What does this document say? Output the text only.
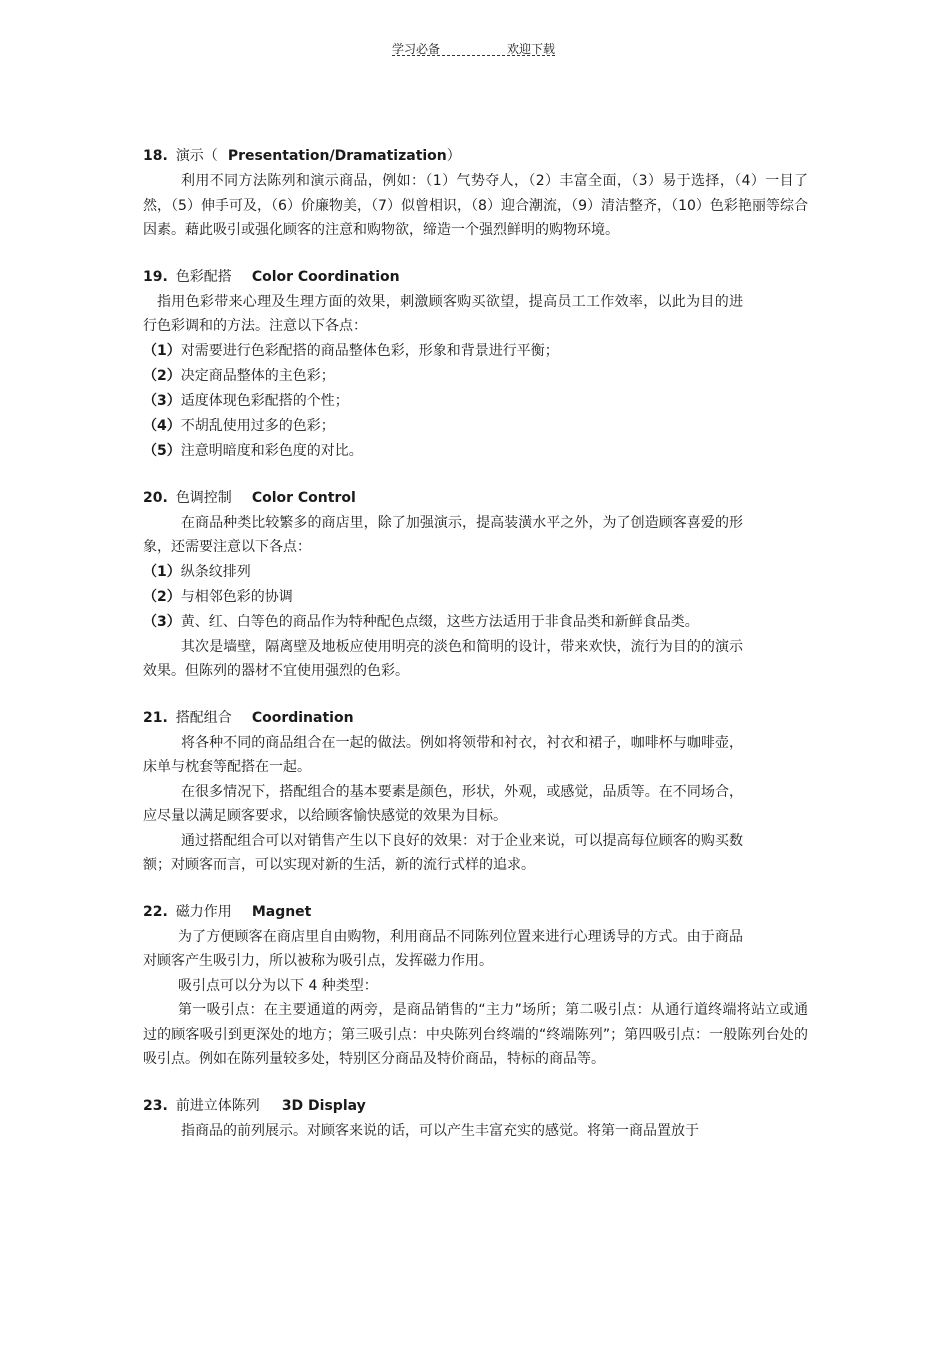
学习必备	欢迎下载
18. 演示（ Presentation/Dramatization）

利用不同方法陈列和演示商品，例如：（1）气势夺人，（2）丰富全面，（3）易于选择，（4）一目了然，（5）伸手可及，（6）价廉物美，（7）似曾相识，（8）迎合潮流，（9）清洁整齐，（10）色彩艳丽等综合因素。藉此吸引或强化顾客的注意和购物欲，缔造一个强烈鲜明的购物环境。

19. 色彩配搭 Color Coordination

指用色彩带来心理及生理方面的效果，刺激顾客购买欲望，提高员工工作效率，以此为目的进行色彩调和的方法。注意以下各点：

（1）对需要进行色彩配搭的商品整体色彩，形象和背景进行平衡；

（2）决定商品整体的主色彩；

（3）适度体现色彩配搭的个性；

（4）不胡乱使用过多的色彩；

（5）注意明暗度和彩色度的对比。

20. 色调控制 Color Control

在商品种类比较繁多的商店里，除了加强演示，提高装潢水平之外，为了创造顾客喜爱的形象，还需要注意以下各点：

（1）纵条纹排列

（2）与相邻色彩的协调

（3）黄、红、白等色的商品作为特种配色点缀，这些方法适用于非食品类和新鲜食品类。

其次是墙壁，隔离壁及地板应使用明亮的淡色和简明的设计，带来欢快，流行为目的的演示效果。但陈列的器材不宜使用强烈的色彩。

21. 搭配组合 Coordination

将各种不同的商品组合在一起的做法。例如将领带和衬衣，衬衣和裙子，咖啡杯与咖啡壶，床单与枕套等配搭在一起。

在很多情况下，搭配组合的基本要素是颜色，形状，外观，或感觉，品质等。在不同场合，应尽量以满足顾客要求，以给顾客愉快感觉的效果为目标。

通过搭配组合可以对销售产生以下良好的效果：对于企业来说，可以提高每位顾客的购买数额；对顾客而言，可以实现对新的生活，新的流行式样的追求。

22. 磁力作用 Magnet

为了方便顾客在商店里自由购物，利用商品不同陈列位置来进行心理诱导的方式。由于商品对顾客产生吸引力，所以被称为吸引点，发挥磁力作用。

吸引点可以分为以下 4 种类型：

第一吸引点：在主要通道的两旁，是商品销售的“主力”场所；第二吸引点：从通行道终端将站立或通过的顾客吸引到更深处的地方；第三吸引点：中央陈列台终端的“终端陈列”；第四吸引点：一般陈列台处的吸引点。例如在陈列量较多处，特别区分商品及特价商品，特标的商品等。

23. 前进立体陈列 3D Display

指商品的前列展示。对顾客来说的话，可以产生丰富充实的感觉。将第一商品置放于
